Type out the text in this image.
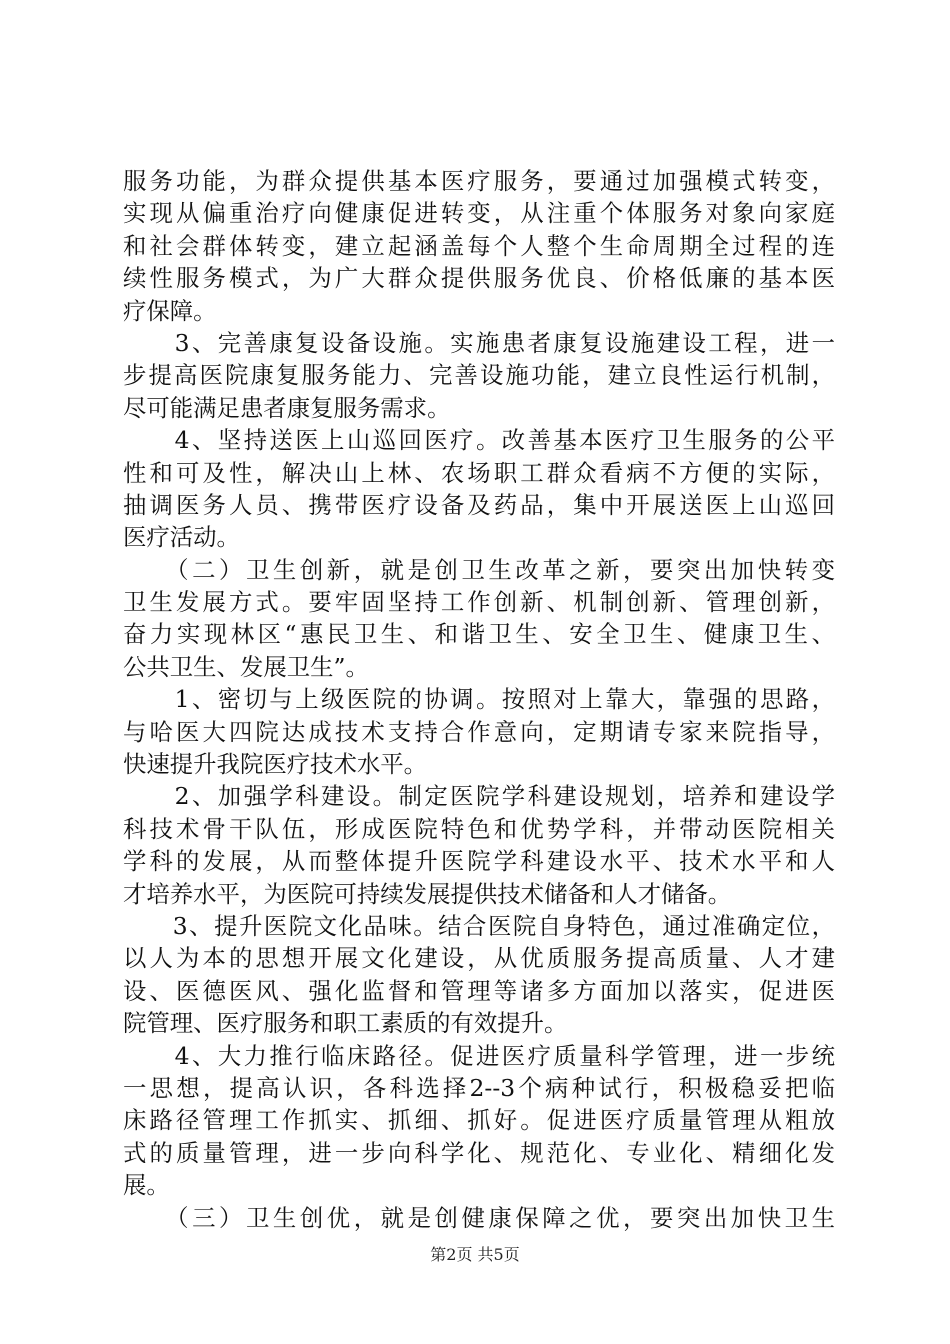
服务功能，为群众提供基本医疗服务，要通过加强模式转变，
实现从偏重治疗向健康促进转变，从注重个体服务对象向家庭
和社会群体转变，建立起涵盖每个人整个生命周期全过程的连
续性服务模式，为广大群众提供服务优良、价格低廉的基本医
疗保障。
　　3、完善康复设备设施。实施患者康复设施建设工程，进一
步提高医院康复服务能力、完善设施功能，建立良性运行机制，
尽可能满足患者康复服务需求。
　　4、坚持送医上山巡回医疗。改善基本医疗卫生服务的公平
性和可及性，解决山上林、农场职工群众看病不方便的实际，
抽调医务人员、携带医疗设备及药品，集中开展送医上山巡回
医疗活动。
　　（二）卫生创新，就是创卫生改革之新，要突出加快转变
卫生发展方式。要牢固坚持工作创新、机制创新、管理创新，
奋力实现林区“惠民卫生、和谐卫生、安全卫生、健康卫生、
公共卫生、发展卫生”。
　　1、密切与上级医院的协调。按照对上靠大，靠强的思路，
与哈医大四院达成技术支持合作意向，定期请专家来院指导，
快速提升我院医疗技术水平。
　　2、加强学科建设。制定医院学科建设规划，培养和建设学
科技术骨干队伍，形成医院特色和优势学科，并带动医院相关
学科的发展，从而整体提升医院学科建设水平、技术水平和人
才培养水平，为医院可持续发展提供技术储备和人才储备。
　　3、提升医院文化品味。结合医院自身特色，通过准确定位，
以人为本的思想开展文化建设，从优质服务提高质量、人才建
设、医德医风、强化监督和管理等诸多方面加以落实，促进医
院管理、医疗服务和职工素质的有效提升。
　　4、大力推行临床路径。促进医疗质量科学管理，进一步统
一思想，提高认识，各科选择2--3个病种试行，积极稳妥把临
床路径管理工作抓实、抓细、抓好。促进医疗质量管理从粗放
式的质量管理，进一步向科学化、规范化、专业化、精细化发
展。
　　（三）卫生创优，就是创健康保障之优，要突出加快卫生
第2页 共5页
